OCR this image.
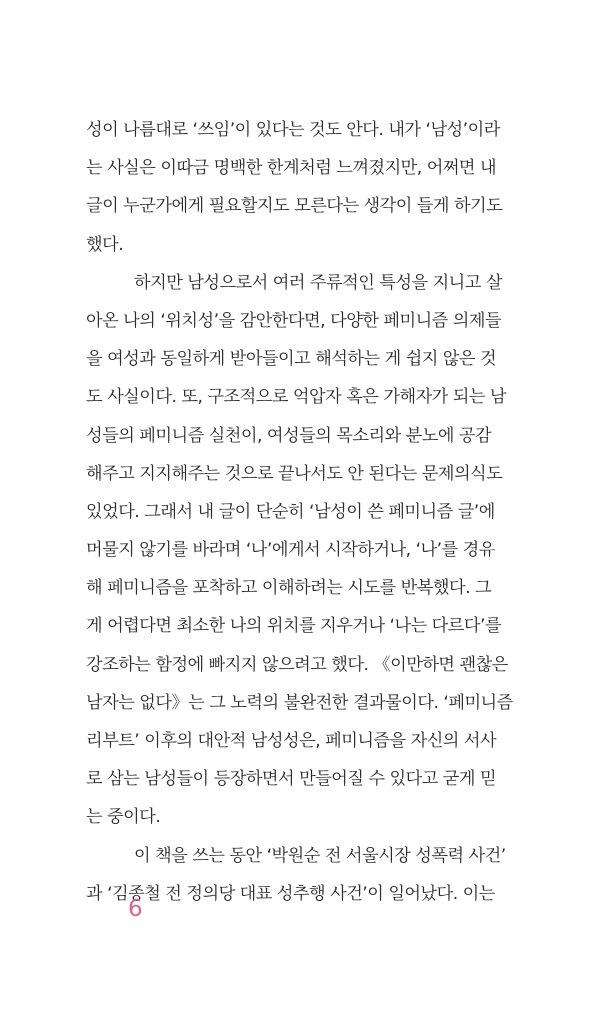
성이 나름대로 ‘쓰임’이 있다는 것도 안다. 내가 ‘남성’이라
는 사실은 이따금 명백한 한계처럼 느껴졌지만, 어쩌면 내
글이 누군가에게 필요할지도 모른다는 생각이 들게 하기도
했다.
하지만 남성으로서 여러 주류적인 특성을 지니고 살
아온 나의 ‘위치성’을 감안한다면, 다양한 페미니즘 의제들
을 여성과 동일하게 받아들이고 해석하는 게 쉽지 않은 것
도 사실이다. 또, 구조적으로 억압자 혹은 가해자가 되는 남
성들의 페미니즘 실천이, 여성들의 목소리와 분노에 공감
해주고 지지해주는 것으로 끝나서도 안 된다는 문제의식도
있었다. 그래서 내 글이 단순히 ‘남성이 쓴 페미니즘 글’에
머물지 않기를 바라며 ‘나’에게서 시작하거나, ‘나’를 경유
해 페미니즘을 포착하고 이해하려는 시도를 반복했다. 그
게 어렵다면 최소한 나의 위치를 지우거나 ‘나는 다르다’를
강조하는 함정에 빠지지 않으려고 했다. 《이만하면 괜찮은
남자는 없다》는 그 노력의 불완전한 결과물이다. ‘페미니즘
리부트’ 이후의 대안적 남성성은, 페미니즘을 자신의 서사
로 삼는 남성들이 등장하면서 만들어질 수 있다고 굳게 믿
는 중이다.
이 책을 쓰는 동안 ‘박원순 전 서울시장 성폭력 사건’
과 ‘김종철 전 정의당 대표 성추행 사건’이 일어났다. 이는
6
